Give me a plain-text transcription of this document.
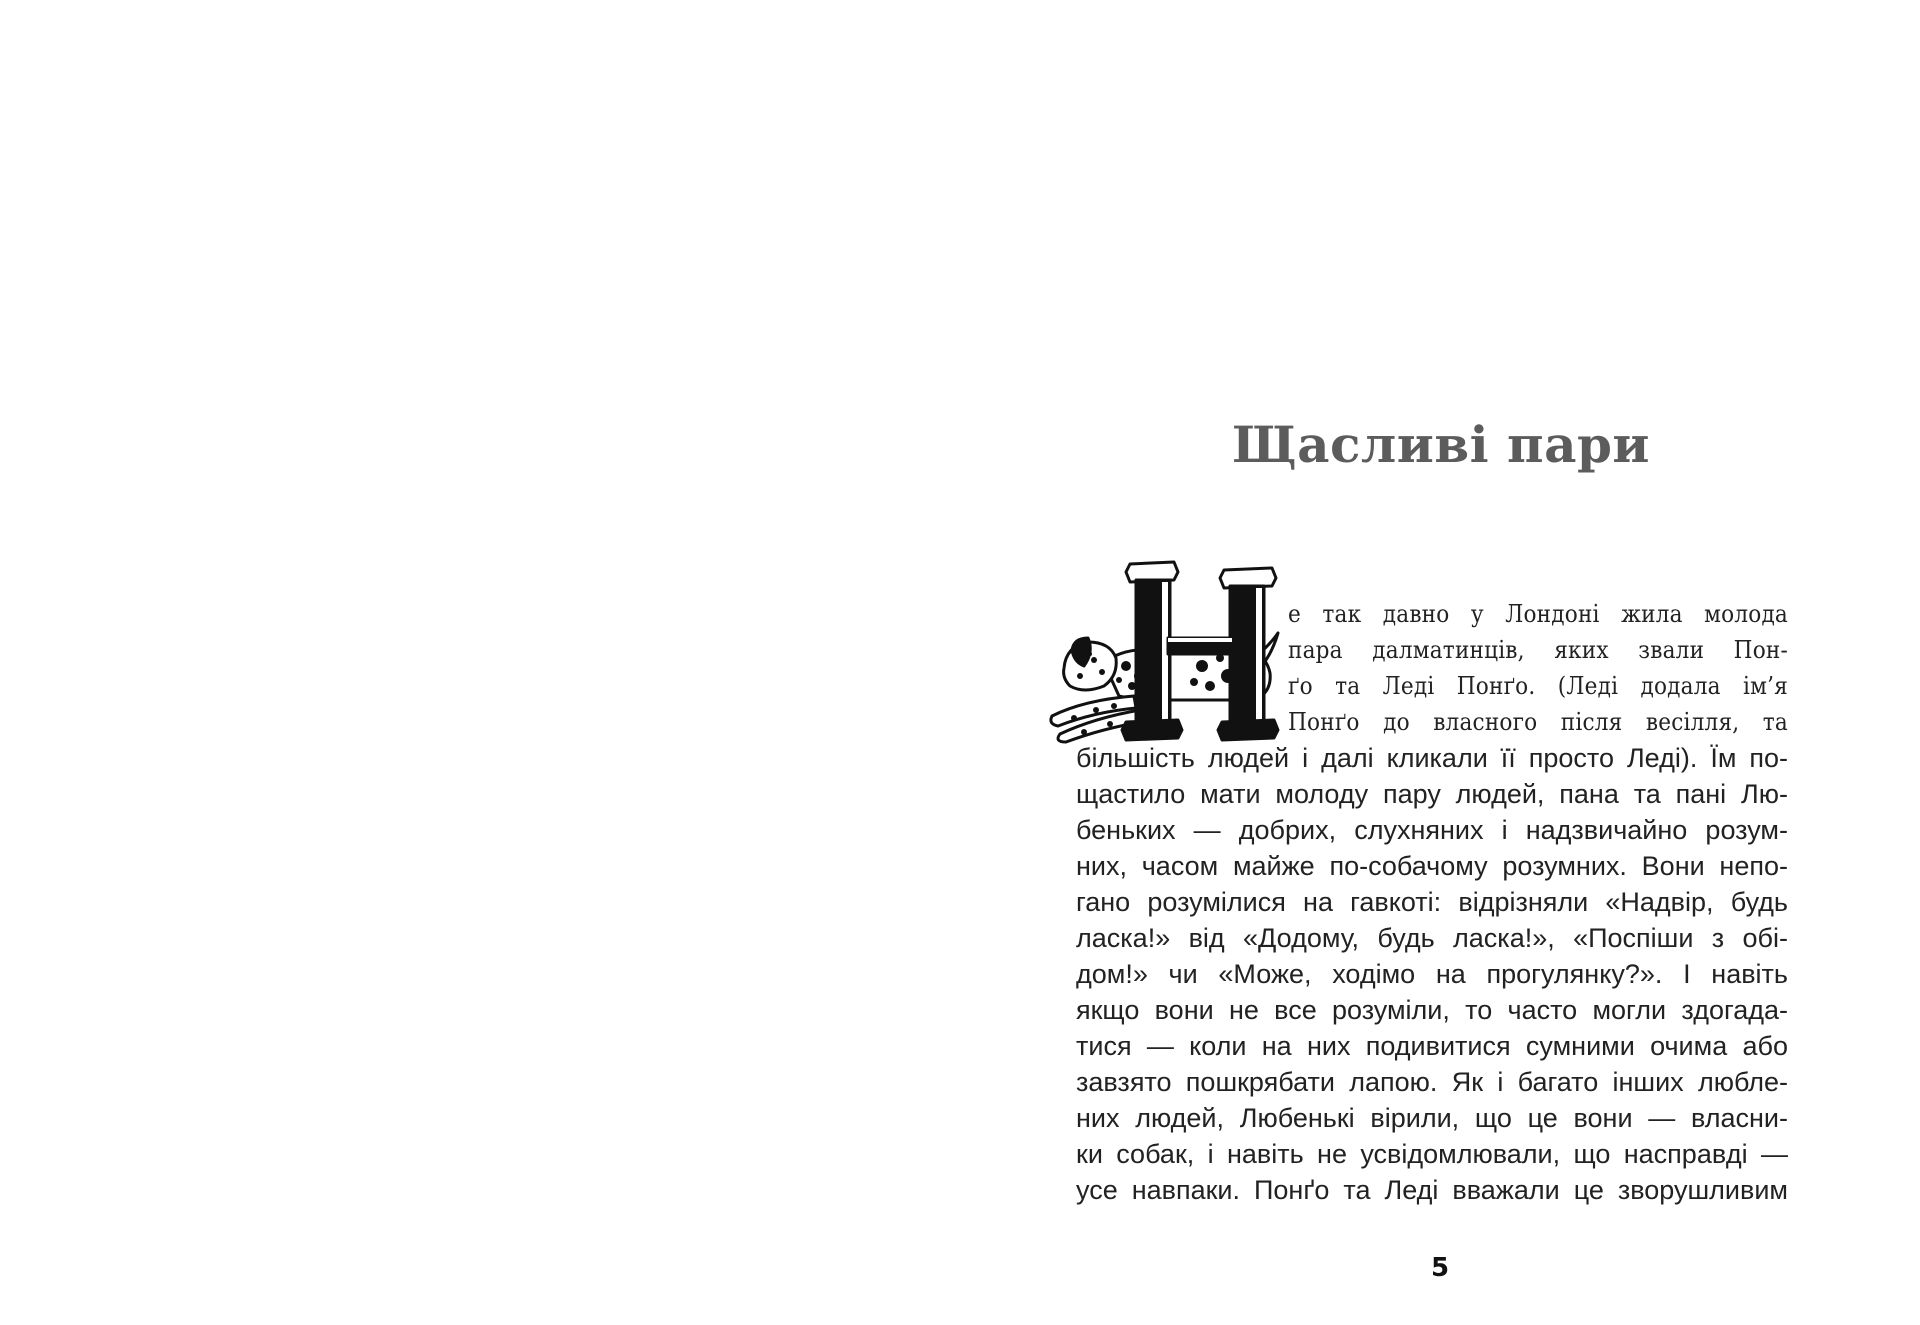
Щасливі пари
е так давно у Лондоні жила молода
пара далматинців, яких звали Пон-
ґо та Леді Понґо. (Леді додала ім’я
Понґо до власного після весілля, та
більшість людей і далі кликали її просто Леді). Їм по-
щастило мати молоду пару людей, пана та пані Лю-
беньких — добрих, слухняних і надзвичайно розум-
них, часом майже по-собачому розумних. Вони непо-
гано розумілися на гавкоті: відрізняли «Надвір, будь
ласка!» від «Додому, будь ласка!», «Поспіши з обі-
дом!» чи «Може, ходімо на прогулянку?». І навіть
якщо вони не все розуміли, то часто могли здогада-
тися — коли на них подивитися сумними очима або
завзято пошкрябати лапою. Як і багато інших любле-
них людей, Любенькі вірили, що це вони — власни-
ки собак, і навіть не усвідомлювали, що насправді —
усе навпаки. Понґо та Леді вважали це зворушливим
5
